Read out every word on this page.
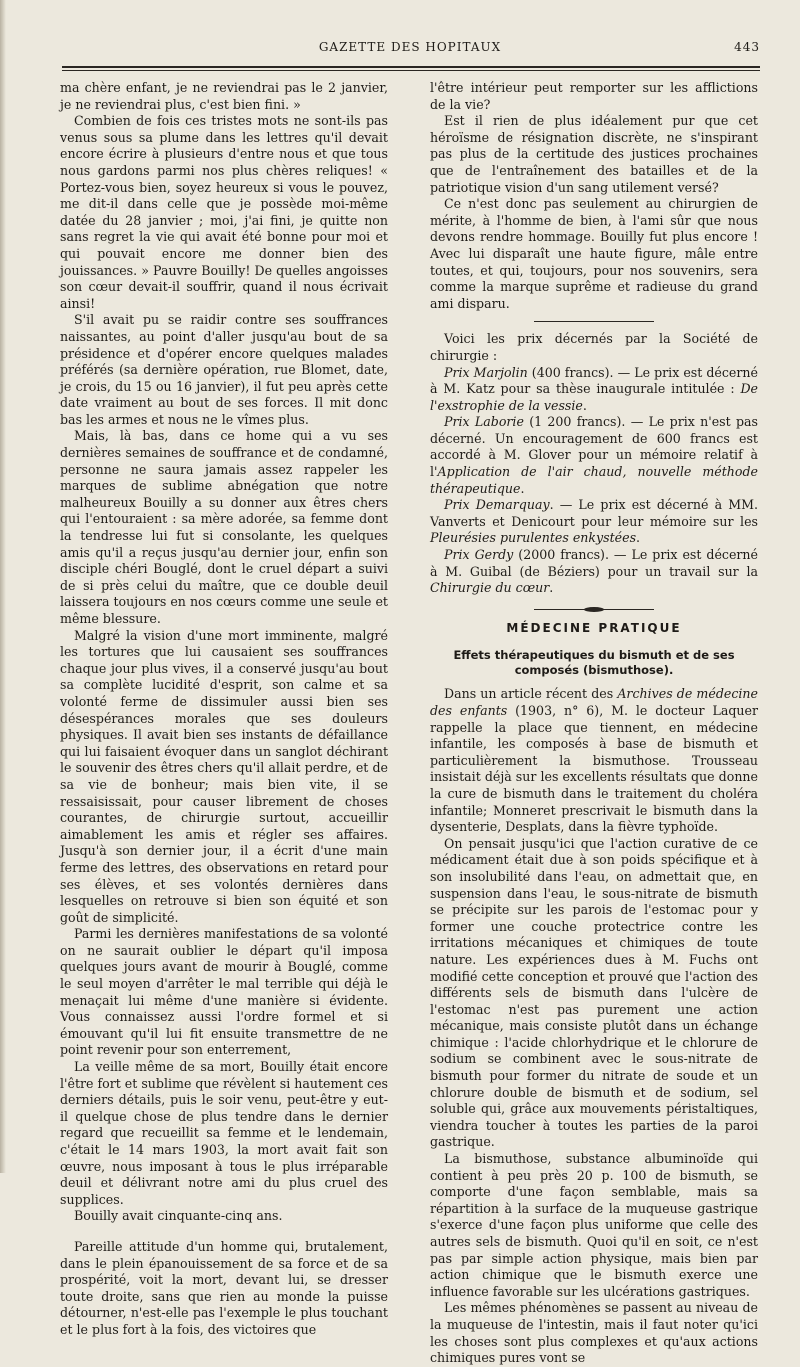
GAZETTE DES HOPITAUX	443

ma chère enfant, je ne reviendrai pas le 2 janvier, je ne reviendrai plus, c'est bien fini. »

Combien de fois ces tristes mots ne sont-ils pas venus sous sa plume dans les lettres qu'il devait encore écrire à plusieurs d'entre nous et que tous nous gardons parmi nos plus chères reliques! « Portez-vous bien, soyez heureux si vous le pouvez, me dit-il dans celle que je possède moi-même datée du 28 janvier ; moi, j'ai fini, je quitte non sans regret la vie qui avait été bonne pour moi et qui pouvait encore me donner bien des jouissances. » Pauvre Bouilly! De quelles angoisses son cœur devait-il souffrir, quand il nous écrivait ainsi!

S'il avait pu se raidir contre ses souffrances naissantes, au point d'aller jusqu'au bout de sa présidence et d'opérer encore quelques malades préférés (sa dernière opération, rue Blomet, date, je crois, du 15 ou 16 janvier), il fut peu après cette date vraiment au bout de ses forces. Il mit donc bas les armes et nous ne le vîmes plus.

Mais, là bas, dans ce home qui a vu ses dernières semaines de souffrance et de condamné, personne ne saura jamais assez rappeler les marques de sublime abnégation que notre malheureux Bouilly a su donner aux êtres chers qui l'entouraient : sa mère adorée, sa femme dont la tendresse lui fut si consolante, les quelques amis qu'il a reçus jusqu'au dernier jour, enfin son disciple chéri Bouglé, dont le cruel départ a suivi de si près celui du maître, que ce double deuil laissera toujours en nos cœurs comme une seule et même blessure.

Malgré la vision d'une mort imminente, malgré les tortures que lui causaient ses souffrances chaque jour plus vives, il a conservé jusqu'au bout sa complète lucidité d'esprit, son calme et sa volonté ferme de dissimuler aussi bien ses désespérances morales que ses douleurs physiques. Il avait bien ses instants de défaillance qui lui faisaient évoquer dans un sanglot déchirant le souvenir des êtres chers qu'il allait perdre, et de sa vie de bonheur; mais bien vite, il se ressaisissait, pour causer librement de choses courantes, de chirurgie surtout, accueillir aimablement les amis et régler ses affaires. Jusqu'à son dernier jour, il a écrit d'une main ferme des lettres, des observations en retard pour ses élèves, et ses volontés dernières dans lesquelles on retrouve si bien son équité et son goût de simplicité.

Parmi les dernières manifestations de sa volonté on ne saurait oublier le départ qu'il imposa quelques jours avant de mourir à Bouglé, comme le seul moyen d'arrêter le mal terrible qui déjà le menaçait lui même d'une manière si évidente. Vous connaissez aussi l'ordre formel et si émouvant qu'il lui fit ensuite transmettre de ne point revenir pour son enterrement,

La veille même de sa mort, Bouilly était encore l'être fort et sublime que révèlent si hautement ces derniers détails, puis le soir venu, peut-être y eut-il quelque chose de plus tendre dans le dernier regard que recueillit sa femme et le lendemain, c'était le 14 mars 1903, la mort avait fait son œuvre, nous imposant à tous le plus irréparable deuil et délivrant notre ami du plus cruel des supplices.

Bouilly avait cinquante-cinq ans.

Pareille attitude d'un homme qui, brutalement, dans le plein épanouissement de sa force et de sa prospérité, voit la mort, devant lui, se dresser toute droite, sans que rien au monde la puisse détourner, n'est-elle pas l'exemple le plus touchant et le plus fort à la fois, des victoires que

l'être intérieur peut remporter sur les afflictions de la vie?

Est il rien de plus idéalement pur que cet héroïsme de résignation discrète, ne s'inspirant pas plus de la certitude des justices prochaines que de l'entraînement des batailles et de la patriotique vision d'un sang utilement versé?

Ce n'est donc pas seulement au chirurgien de mérite, à l'homme de bien, à l'ami sûr que nous devons rendre hommage. Bouilly fut plus encore ! Avec lui disparaît une haute figure, mâle entre toutes, et qui, toujours, pour nos souvenirs, sera comme la marque suprême et radieuse du grand ami disparu.

Voici les prix décernés par la Société de chirurgie :

Prix Marjolin (400 francs). — Le prix est décerné à M. Katz pour sa thèse inaugurale intitulée : De l'exstrophie de la vessie.

Prix Laborie (1 200 francs). — Le prix n'est pas décerné. Un encouragement de 600 francs est accordé à M. Glover pour un mémoire relatif à l'Application de l'air chaud, nouvelle méthode thérapeutique.

Prix Demarquay. — Le prix est décerné à MM. Vanverts et Denicourt pour leur mémoire sur les Pleurésies purulentes enkystées.

Prix Gerdy (2000 francs). — Le prix est décerné à M. Guibal (de Béziers) pour un travail sur la Chirurgie du cœur.

MÉDECINE PRATIQUE
Effets thérapeutiques du bismuth et de ses composés (bismuthose).

Dans un article récent des Archives de médecine des enfants (1903, n° 6), M. le docteur Laquer rappelle la place que tiennent, en médecine infantile, les composés à base de bismuth et particulièrement la bismuthose. Trousseau insistait déjà sur les excellents résultats que donne la cure de bismuth dans le traitement du choléra infantile; Monneret prescrivait le bismuth dans la dysenterie, Desplats, dans la fièvre typhoïde.

On pensait jusqu'ici que l'action curative de ce médicament était due à son poids spécifique et à son insolubilité dans l'eau, on admettait que, en suspension dans l'eau, le sous-nitrate de bismuth se précipite sur les parois de l'estomac pour y former une couche protectrice contre les irritations mécaniques et chimiques de toute nature. Les expériences dues à M. Fuchs ont modifié cette conception et prouvé que l'action des différents sels de bismuth dans l'ulcère de l'estomac n'est pas purement une action mécanique, mais consiste plutôt dans un échange chimique : l'acide chlorhydrique et le chlorure de sodium se combinent avec le sous-nitrate de bismuth pour former du nitrate de soude et un chlorure double de bismuth et de sodium, sel soluble qui, grâce aux mouvements péristaltiques, viendra toucher à toutes les parties de la paroi gastrique.

La bismuthose, substance albuminoïde qui contient à peu près 20 p. 100 de bismuth, se comporte d'une façon semblable, mais sa répartition à la surface de la muqueuse gastrique s'exerce d'une façon plus uniforme que celle des autres sels de bismuth. Quoi qu'il en soit, ce n'est pas par simple action physique, mais bien par action chimique que le bismuth exerce une influence favorable sur les ulcérations gastriques.

Les mêmes phénomènes se passent au niveau de la muqueuse de l'intestin, mais il faut noter qu'ici les choses sont plus complexes et qu'aux actions chimiques pures vont se
